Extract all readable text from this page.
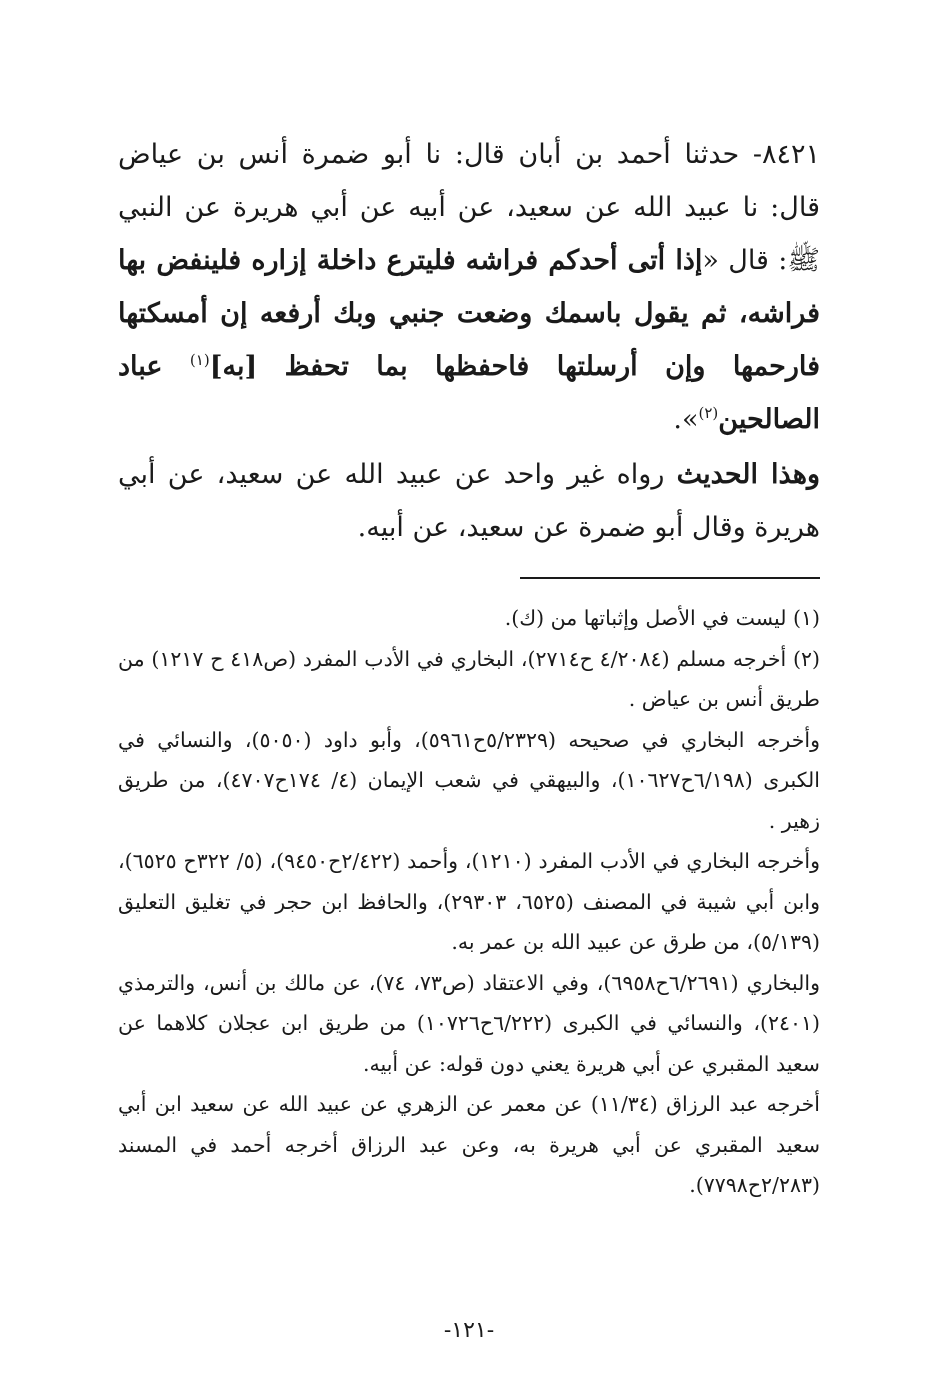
٨٤٢١- حدثنا أحمد بن أبان قال: نا أبو ضمرة أنس بن عياض قال: نا عبيد الله عن سعيد، عن أبيه عن أبي هريرة عن النبي ﷺ: قال «إذا أتى أحدكم فراشه فليترع داخلة إزاره فلينفض بها فراشه، ثم يقول باسمك وضعت جنبي وبك أرفعه إن أمسكتها فارحمها وإن أرسلتها فاحفظها بما تحفظ [به]$^{(١)}$ عباد الصالحين$^{(٢)}$».

وهذا الحديث رواه غير واحد عن عبيد الله عن سعيد، عن أبي هريرة وقال أبو ضمرة عن سعيد، عن أبيه.

(١) ليست في الأصل وإثباتها من (ك).

(٢) أخرجه مسلم (٤/٢٠٨٤ ح٢٧١٤)، البخاري في الأدب المفرد (ص٤١٨ ح ١٢١٧) من طريق أنس بن عياض .

وأخرجه البخاري في صحيحه (٥/٢٣٢٩ح٥٩٦١)، وأبو داود (٥٠٥٠)، والنسائي في الكبرى (٦/١٩٨ح١٠٦٢٧)، والبيهقي في شعب الإيمان (٤/ ١٧٤ح٤٧٠٧)، من طريق زهير .

وأخرجه البخاري في الأدب المفرد (١٢١٠)، وأحمد (٢/٤٢٢ح٩٤٥٠)، (٥/ ٣٢٢ح ٦٥٢٥)، وابن أبي شيبة في المصنف (٦٥٢٥، ٢٩٣٠٣)، والحافظ ابن حجر في تغليق التعليق (٥/١٣٩)، من طرق عن عبيد الله بن عمر به.

والبخاري (٦/٢٦٩١ح٦٩٥٨)، وفي الاعتقاد (ص٧٣، ٧٤)، عن مالك بن أنس، والترمذي (٢٤٠١)، والنسائي في الكبرى (٦/٢٢٢ح١٠٧٢٦) من طريق ابن عجلان كلاهما عن سعيد المقبري عن أبي هريرة يعني دون قوله: عن أبيه.

أخرجه عبد الرزاق (١١/٣٤) عن معمر عن الزهري عن عبيد الله عن سعيد ابن أبي سعيد المقبري عن أبي هريرة به، وعن عبد الرزاق أخرجه أحمد في المسند (٢/٢٨٣ح٧٧٩٨).

-١٢١-
